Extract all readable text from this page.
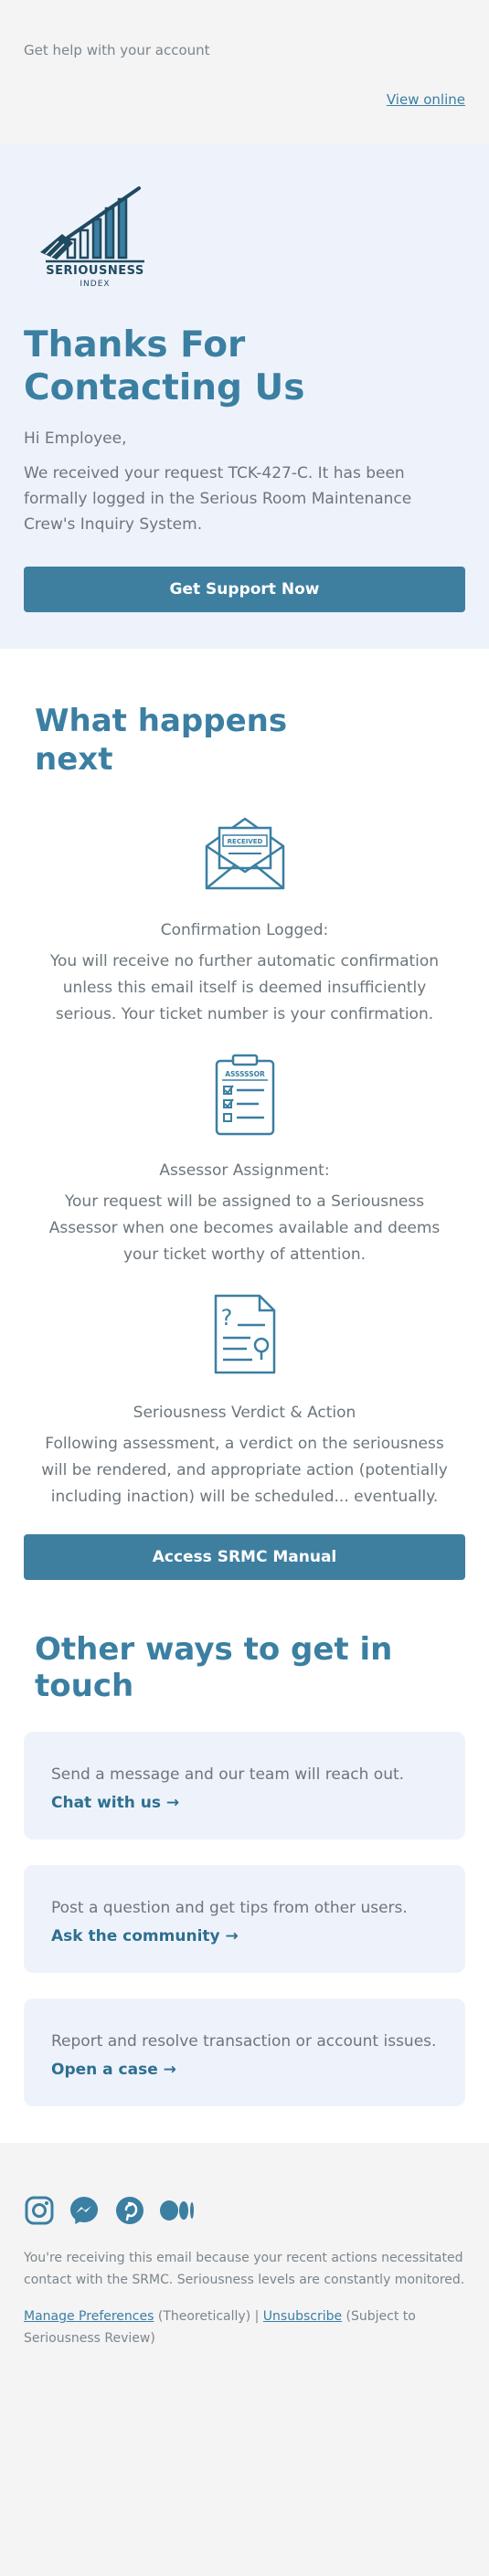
Get help with your account
View online
SERIOUSNESS
INDEX
Thanks For Contacting Us
Hi Employee,
We received your request TCK-427-C. It has been formally logged in the Serious Room Maintenance Crew's Inquiry System.
Get Support Now
What happens next
RECEIVED
Confirmation Logged:
You will receive no further automatic confirmation unless this email itself is deemed insufficiently serious. Your ticket number is your confirmation.
ASSSSSOR
Assessor Assignment:
Your request will be assigned to a Seriousness Assessor when one becomes available and deems your ticket worthy of attention.
?
Seriousness Verdict & Action
Following assessment, a verdict on the seriousness will be rendered, and appropriate action (potentially including inaction) will be scheduled... eventually.
Access SRMC Manual
Other ways to get in touch
Send a message and our team will reach out.
Chat with us →
Post a question and get tips from other users.
Ask the community →
Report and resolve transaction or account issues.
Open a case →
You're receiving this email because your recent actions necessitated contact with the SRMC. Seriousness levels are constantly monitored.
Manage Preferences (Theoretically) | Unsubscribe (Subject to Seriousness Review)
